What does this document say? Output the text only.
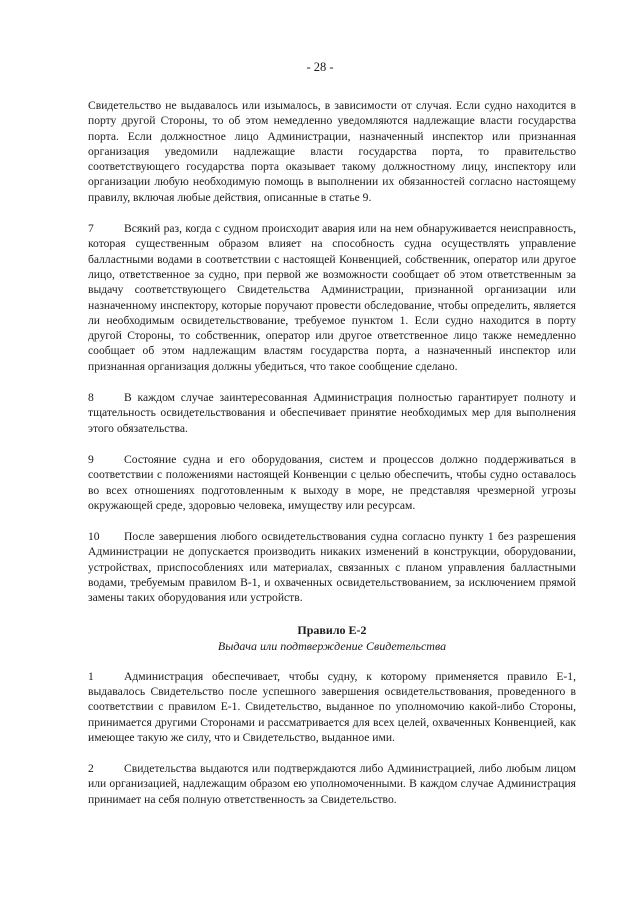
- 28 -

Свидетельство не выдавалось или изымалось, в зависимости от случая. Если судно находится в порту другой Стороны, то об этом немедленно уведомляются надлежащие власти государства порта. Если должностное лицо Администрации, назначенный инспектор или признанная организация уведомили надлежащие власти государства порта, то правительство соответствующего государства порта оказывает такому должностному лицу, инспектору или организации любую необходимую помощь в выполнении их обязанностей согласно настоящему правилу, включая любые действия, описанные в статье 9.

7	Всякий раз, когда с судном происходит авария или на нем обнаруживается неисправность, которая существенным образом влияет на способность судна осуществлять управление балластными водами в соответствии с настоящей Конвенцией, собственник, оператор или другое лицо, ответственное за судно, при первой же возможности сообщает об этом ответственным за выдачу соответствующего Свидетельства Администрации, признанной организации или назначенному инспектору, которые поручают провести обследование, чтобы определить, является ли необходимым освидетельствование, требуемое пунктом 1. Если судно находится в порту другой Стороны, то собственник, оператор или другое ответственное лицо также немедленно сообщает об этом надлежащим властям государства порта, а назначенный инспектор или признанная организация должны убедиться, что такое сообщение сделано.

8	В каждом случае заинтересованная Администрация полностью гарантирует полноту и тщательность освидетельствования и обеспечивает принятие необходимых мер для выполнения этого обязательства.

9	Состояние судна и его оборудования, систем и процессов должно поддерживаться в соответствии с положениями настоящей Конвенции с целью обеспечить, чтобы судно оставалось во всех отношениях подготовленным к выходу в море, не представляя чрезмерной угрозы окружающей среде, здоровью человека, имуществу или ресурсам.

10 После завершения любого освидетельствования судна согласно пункту 1 без разрешения Администрации не допускается производить никаких изменений в конструкции, оборудовании, устройствах, приспособлениях или материалах, связанных с планом управления балластными водами, требуемым правилом B-1, и охваченных освидетельствованием, за исключением прямой замены таких оборудования или устройств.

Правило Е-2
Выдача или подтверждение Свидетельства

1	Администрация обеспечивает, чтобы судну, к которому применяется правило Е-1, выдавалось Свидетельство после успешного завершения освидетельствования, проведенного в соответствии с правилом Е-1. Свидетельство, выданное по уполномочию какой-либо Стороны, принимается другими Сторонами и рассматривается для всех целей, охваченных Конвенцией, как имеющее такую же силу, что и Свидетельство, выданное ими.

2	Свидетельства выдаются или подтверждаются либо Администрацией, либо любым лицом или организацией, надлежащим образом ею уполномоченными. В каждом случае Администрация принимает на себя полную ответственность за Свидетельство.
